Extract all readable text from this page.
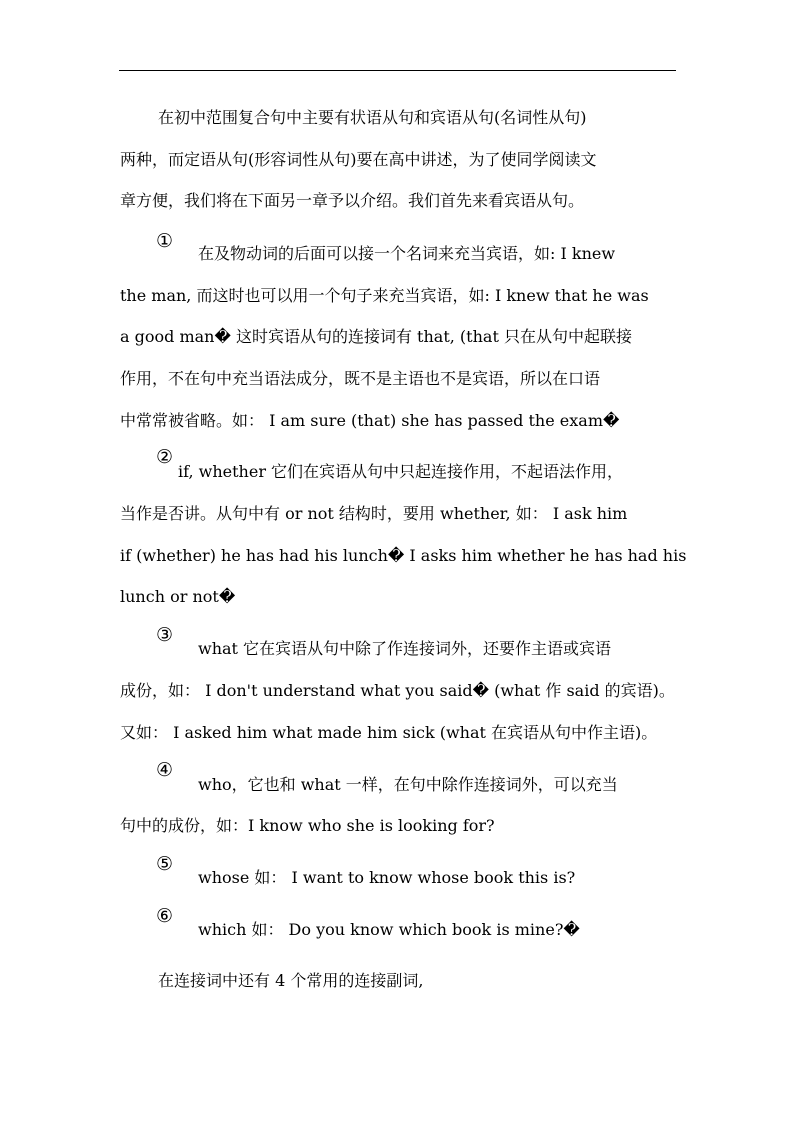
在初中范围复合句中主要有状语从句和宾语从句(名词性从句)
两种，而定语从句(形容词性从句)要在高中讲述，为了使同学阅读文
章方便，我们将在下面另一章予以介绍。我们首先来看宾语从句。
①
在及物动词的后面可以接一个名词来充当宾语，如: I knew
the man, 而这时也可以用一个句子来充当宾语，如: I knew that he was
a good man� 这时宾语从句的连接词有 that, (that 只在从句中起联接
作用，不在句中充当语法成分，既不是主语也不是宾语，所以在口语
中常常被省略。如： I am sure (that) she has passed the exam�
②
if, whether 它们在宾语从句中只起连接作用，不起语法作用，
当作是否讲。从句中有 or not 结构时，要用 whether, 如： I ask him
if (whether) he has had his lunch� I asks him whether he has had his
lunch or not�
③
what 它在宾语从句中除了作连接词外，还要作主语或宾语
成份，如： I don't understand what you said� (what 作 said 的宾语)。
又如： I asked him what made him sick (what 在宾语从句中作主语)。
④
who，它也和 what 一样，在句中除作连接词外，可以充当
句中的成份，如：I know who she is looking for?
⑤
whose 如： I want to know whose book this is?
⑥
which 如： Do you know which book is mine?�
在连接词中还有 4 个常用的连接副词,
